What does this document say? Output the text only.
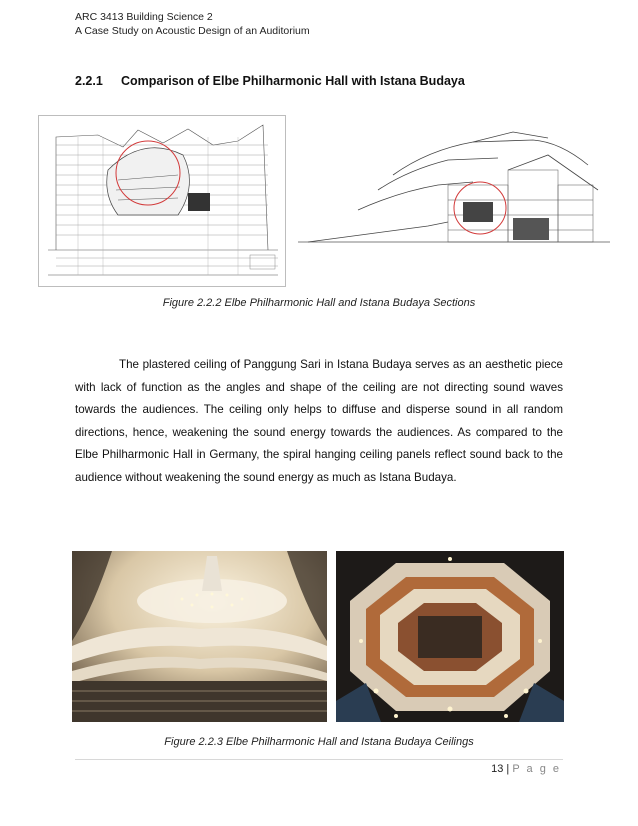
ARC 3413 Building Science 2
A Case Study on Acoustic Design of an Auditorium
2.2.1 Comparison of Elbe Philharmonic Hall with Istana Budaya
Figure 2.2.2 Elbe Philharmonic Hall and Istana Budaya Sections

The plastered ceiling of Panggung Sari in Istana Budaya serves as an aesthetic piece with lack of function as the angles and shape of the ceiling are not directing sound waves towards the audiences. The ceiling only helps to diffuse and disperse sound in all random directions, hence, weakening the sound energy towards the audiences. As compared to the Elbe Philharmonic Hall in Germany, the spiral hanging ceiling panels reflect sound back to the audience without weakening the sound energy as much as Istana Budaya.

Figure 2.2.3 Elbe Philharmonic Hall and Istana Budaya Ceilings
13 | P a g e
